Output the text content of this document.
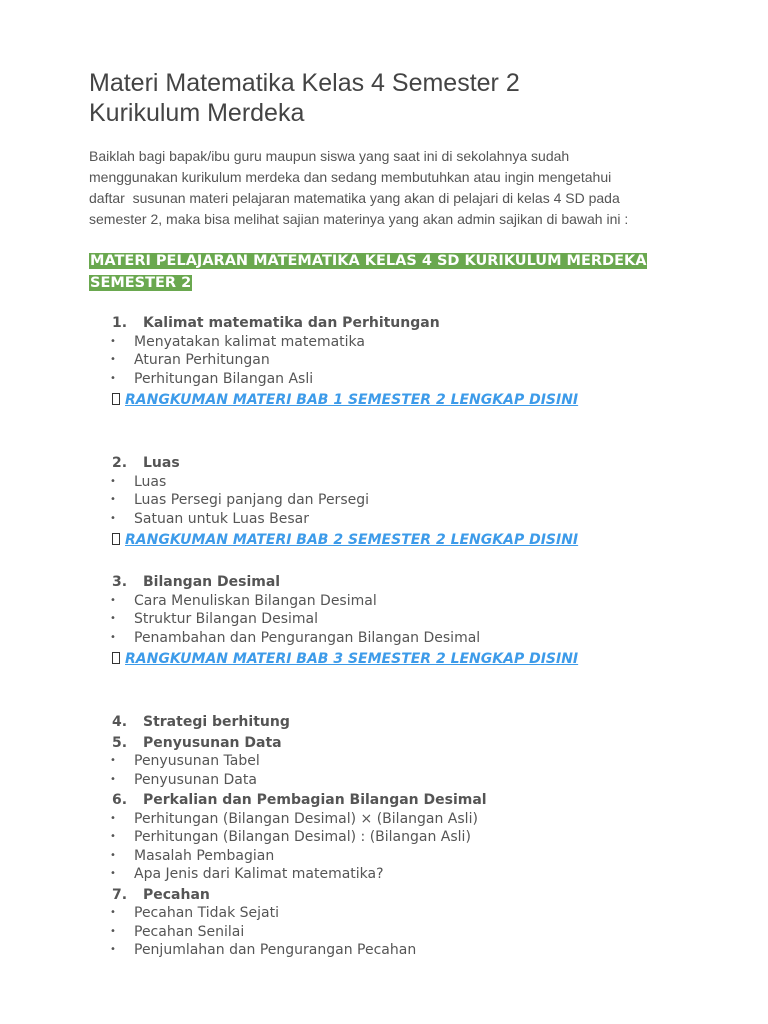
Materi Matematika Kelas 4 Semester 2
Kurikulum Merdeka

Baiklah bagi bapak/ibu guru maupun siswa yang saat ini di sekolahnya sudah
menggunakan kurikulum merdeka dan sedang membutuhkan atau ingin mengetahui
daftar  susunan materi pelajaran matematika yang akan di pelajari di kelas 4 SD pada
semester 2, maka bisa melihat sajian materinya yang akan admin sajikan di bawah ini :

MATERI PELAJARAN MATEMATIKA KELAS 4 SD KURIKULUM MERDEKA
SEMESTER 2
1. Kalimat matematika dan Perhitungan
• Menyatakan kalimat matematika
• Aturan Perhitungan
• Perhitungan Bilangan Asli
RANGKUMAN MATERI BAB 1 SEMESTER 2 LENGKAP DISINI
2. Luas
• Luas
• Luas Persegi panjang dan Persegi
• Satuan untuk Luas Besar
RANGKUMAN MATERI BAB 2 SEMESTER 2 LENGKAP DISINI
3. Bilangan Desimal
• Cara Menuliskan Bilangan Desimal
• Struktur Bilangan Desimal
• Penambahan dan Pengurangan Bilangan Desimal
RANGKUMAN MATERI BAB 3 SEMESTER 2 LENGKAP DISINI
4. Strategi berhitung
5. Penyusunan Data
• Penyusunan Tabel
• Penyusunan Data
6. Perkalian dan Pembagian Bilangan Desimal
• Perhitungan (Bilangan Desimal) × (Bilangan Asli)
• Perhitungan (Bilangan Desimal) : (Bilangan Asli)
• Masalah Pembagian
• Apa Jenis dari Kalimat matematika?
7. Pecahan
• Pecahan Tidak Sejati
• Pecahan Senilai
• Penjumlahan dan Pengurangan Pecahan
